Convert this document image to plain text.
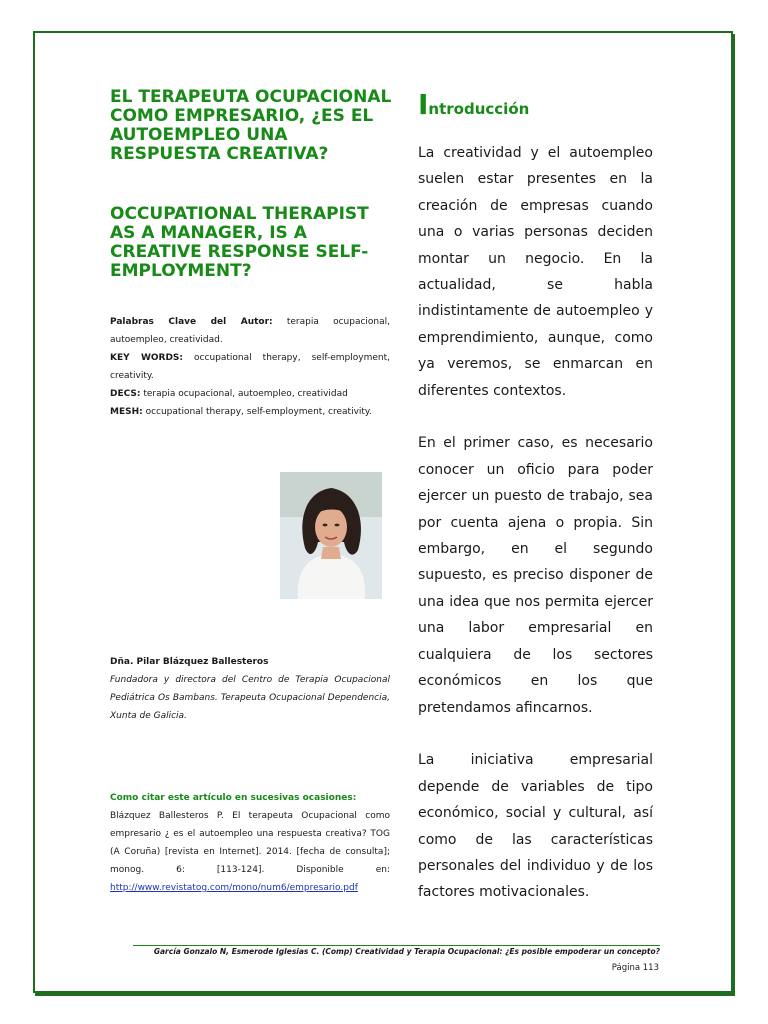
EL TERAPEUTA OCUPACIONAL COMO EMPRESARIO, ¿ES EL AUTOEMPLEO UNA RESPUESTA CREATIVA?
OCCUPATIONAL THERAPIST AS A MANAGER, IS A CREATIVE RESPONSE SELF-EMPLOYMENT?

Palabras Clave del Autor: terapia ocupacional, autoempleo, creatividad.

KEY WORDS: occupational therapy, self-employment, creativity.

DECS: terapia ocupacional, autoempleo, creatividad

MESH: occupational therapy, self-employment, creativity.

Dña. Pilar Blázquez Ballesteros

Fundadora y directora del Centro de Terapia Ocupacional Pediátrica Os Bambans. Terapeuta Ocupacional Dependencia, Xunta de Galicia.

Como citar este artículo en sucesivas ocasiones:

Blázquez Ballesteros P. El terapeuta Ocupacional como empresario ¿ es el autoempleo una respuesta creativa? TOG (A Coruña) [revista en Internet]. 2014. [fecha de consulta]; monog. 6: [113-124]. Disponible en: http://www.revistatog.com/mono/num6/empresario.pdf

Introducción

La creatividad y el autoempleo suelen estar presentes en la creación de empresas cuando una o varias personas deciden montar un negocio. En la actualidad, se habla indistintamente de autoempleo y emprendimiento, aunque, como ya veremos, se enmarcan en diferentes contextos.

En el primer caso, es necesario conocer un oficio para poder ejercer un puesto de trabajo, sea por cuenta ajena o propia. Sin embargo, en el segundo supuesto, es preciso disponer de una idea que nos permita ejercer una labor empresarial en cualquiera de los sectores económicos en los que pretendamos afincarnos.

La iniciativa empresarial depende de variables de tipo económico, social y cultural, así como de las características personales del individuo y de los factores motivacionales.

García Gonzalo N, Esmerode Iglesias C. (Comp) Creatividad y Terapia Ocupacional: ¿Es posible empoderar un concepto?
Página 113
